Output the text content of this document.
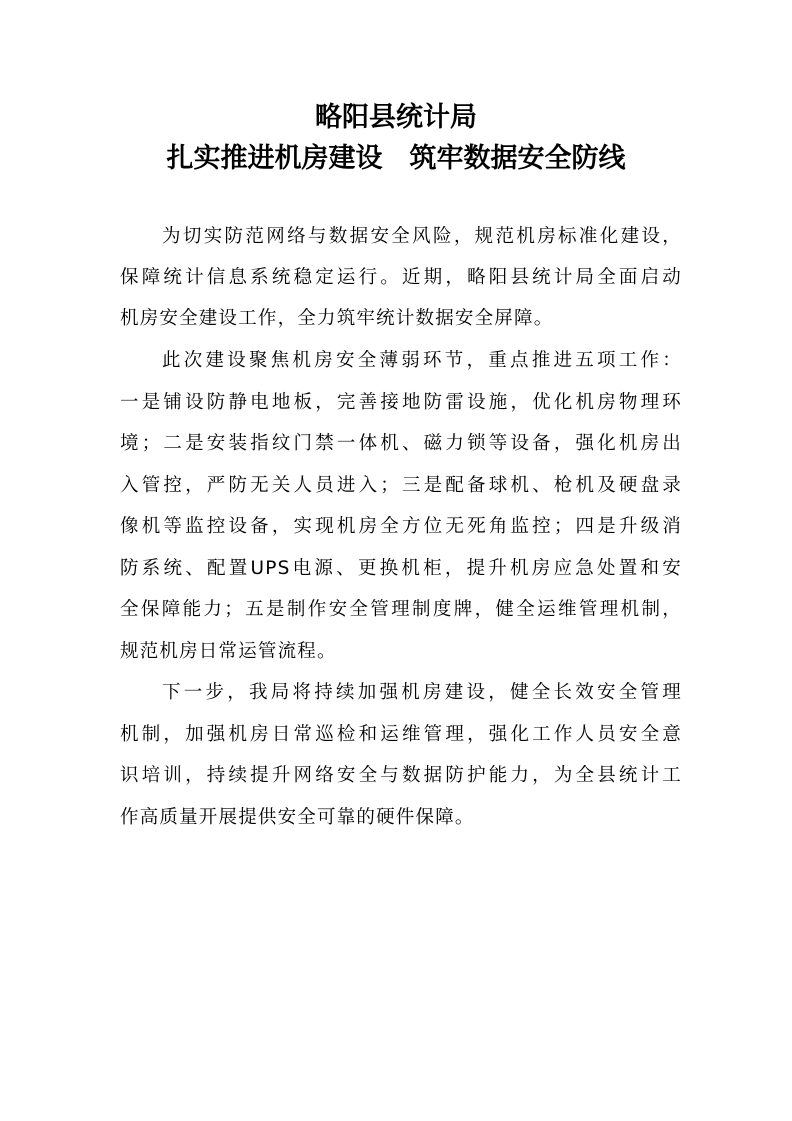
略阳县统计局
扎实推进机房建设　筑牢数据安全防线

为切实防范网络与数据安全风险，规范机房标准化建设，

保障统计信息系统稳定运行。近期，略阳县统计局全面启动

机房安全建设工作，全力筑牢统计数据安全屏障。

此次建设聚焦机房安全薄弱环节，重点推进五项工作：

一是铺设防静电地板，完善接地防雷设施，优化机房物理环

境；二是安装指纹门禁一体机、磁力锁等设备，强化机房出

入管控，严防无关人员进入；三是配备球机、枪机及硬盘录

像机等监控设备，实现机房全方位无死角监控；四是升级消

防系统、配置UPS电源、更换机柜，提升机房应急处置和安

全保障能力；五是制作安全管理制度牌，健全运维管理机制，

规范机房日常运管流程。

下一步，我局将持续加强机房建设，健全长效安全管理

机制，加强机房日常巡检和运维管理，强化工作人员安全意

识培训，持续提升网络安全与数据防护能力，为全县统计工

作高质量开展提供安全可靠的硬件保障。
